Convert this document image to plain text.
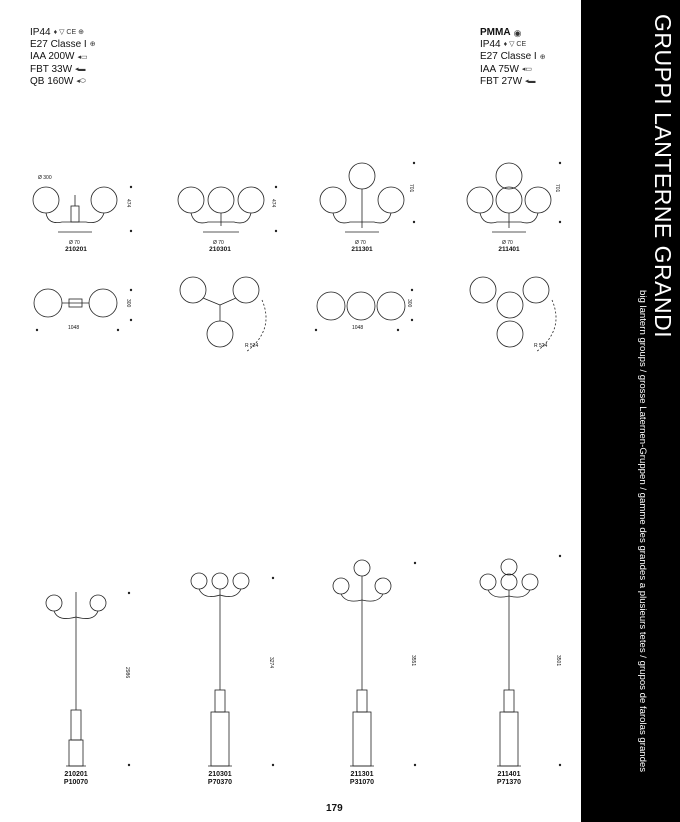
IP44 ♦ ▽ CE ⊕
E27 Classe I ⊕
IAA 200W ◂▭
FBT 33W ◂▬
QB 160W ◂⬭
PMMA ◉
IP44 ♦ ▽ CE
E27 Classe I ⊕
IAA 75W ◂▭
FBT 27W ◂▬	GRUPPI LANTERNE GRANDI
big lantern groups / grosse Laternen-Gruppen / gamme des grandes a plusieurs tetes / grupos de farolas grandes
Ø 300
474
Ø 70
210201
474
Ø 70
210301
701
Ø 70
211301
701
Ø 70
211401
1048
300
R 524
1048
300
R 524
2986
210201
P10070
3274
210301
P70370
3551
211301
P31070
3501
211401
P71370
179
